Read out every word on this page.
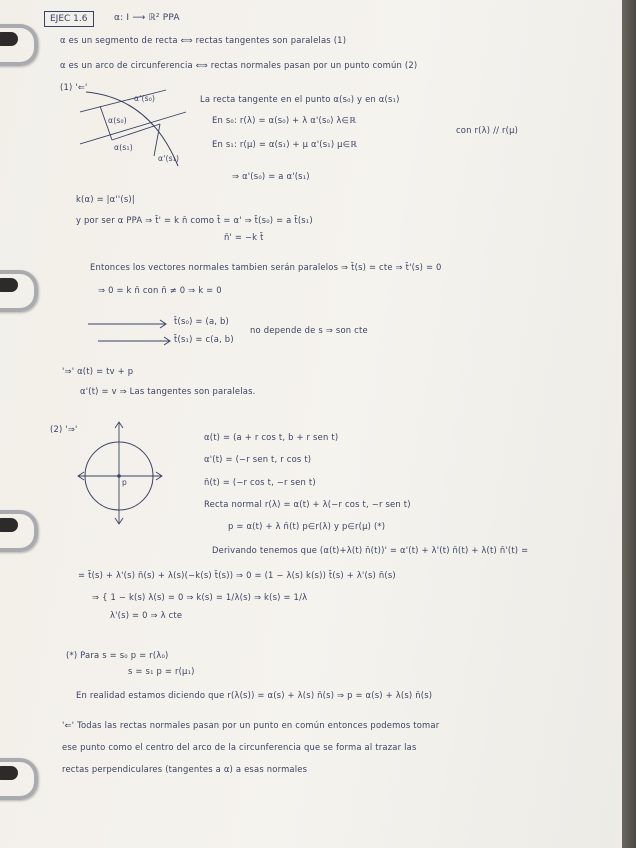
EJEC 1.6	α: I ⟶ ℝ² PPA
α es un segmento de recta ⟺ rectas tangentes son paralelas (1)
α es un arco de circunferencia ⟺ rectas normales pasan por un punto común (2)
(1) '⇐'
α'(s₀)
α(s₀)
α(s₁)
α'(s₁)
La recta tangente en el punto α(s₀) y en α(s₁)
En s₀: r(λ) = α(s₀) + λ α'(s₀) λ∈ℝ
En s₁: r(μ) = α(s₁) + μ α'(s₁) μ∈ℝ
⇒ α'(s₀) = a α'(s₁)
con r(λ) // r(μ)
k(α) = |α''(s)|
y por ser α PPA ⇒ t̄' = k n̄ como t̄ = α' ⇒ t̄(s₀) = a t̄(s₁)
n̄' = −k t̄
Entonces los vectores normales tambien serán paralelos ⇒ t̄(s) = cte ⇒ t̄'(s) = 0
⇒ 0 = k n̄ con n̄ ≠ 0 ⇒ k = 0
t̄(s₀) = (a, b)
t̄(s₁) = c(a, b)
no depende de s ⇒ son cte
'⇒' α(t) = tv + p
α'(t) = v ⇒ Las tangentes son paralelas.
(2) '⇒'
p
α(t) = (a + r cos t, b + r sen t)
α'(t) = (−r sen t, r cos t)
n̄(t) = (−r cos t, −r sen t)
Recta normal r(λ) = α(t) + λ(−r cos t, −r sen t)
p = α(t) + λ n̄(t) p∈r(λ) y p∈r(μ) (*)
Derivando tenemos que (α(t)+λ(t) n̄(t))' = α'(t) + λ'(t) n̄(t) + λ(t) n̄'(t) =
= t̄(s) + λ'(s) n̄(s) + λ(s)(−k(s) t̄(s)) ⇒ 0 = (1 − λ(s) k(s)) t̄(s) + λ'(s) n̄(s)
⇒ { 1 − k(s) λ(s) = 0 ⇒ k(s) = 1/λ(s) ⇒ k(s) = 1/λ
λ'(s) = 0 ⇒ λ cte
(*) Para s = s₀ p = r(λ₀)
s = s₁ p = r(μ₁)
En realidad estamos diciendo que r(λ(s)) = α(s) + λ(s) n̄(s) ⇒ p = α(s) + λ(s) n̄(s)
'⇐' Todas las rectas normales pasan por un punto en común entonces podemos tomar
ese punto como el centro del arco de la circunferencia que se forma al trazar las
rectas perpendiculares (tangentes a α) a esas normales
